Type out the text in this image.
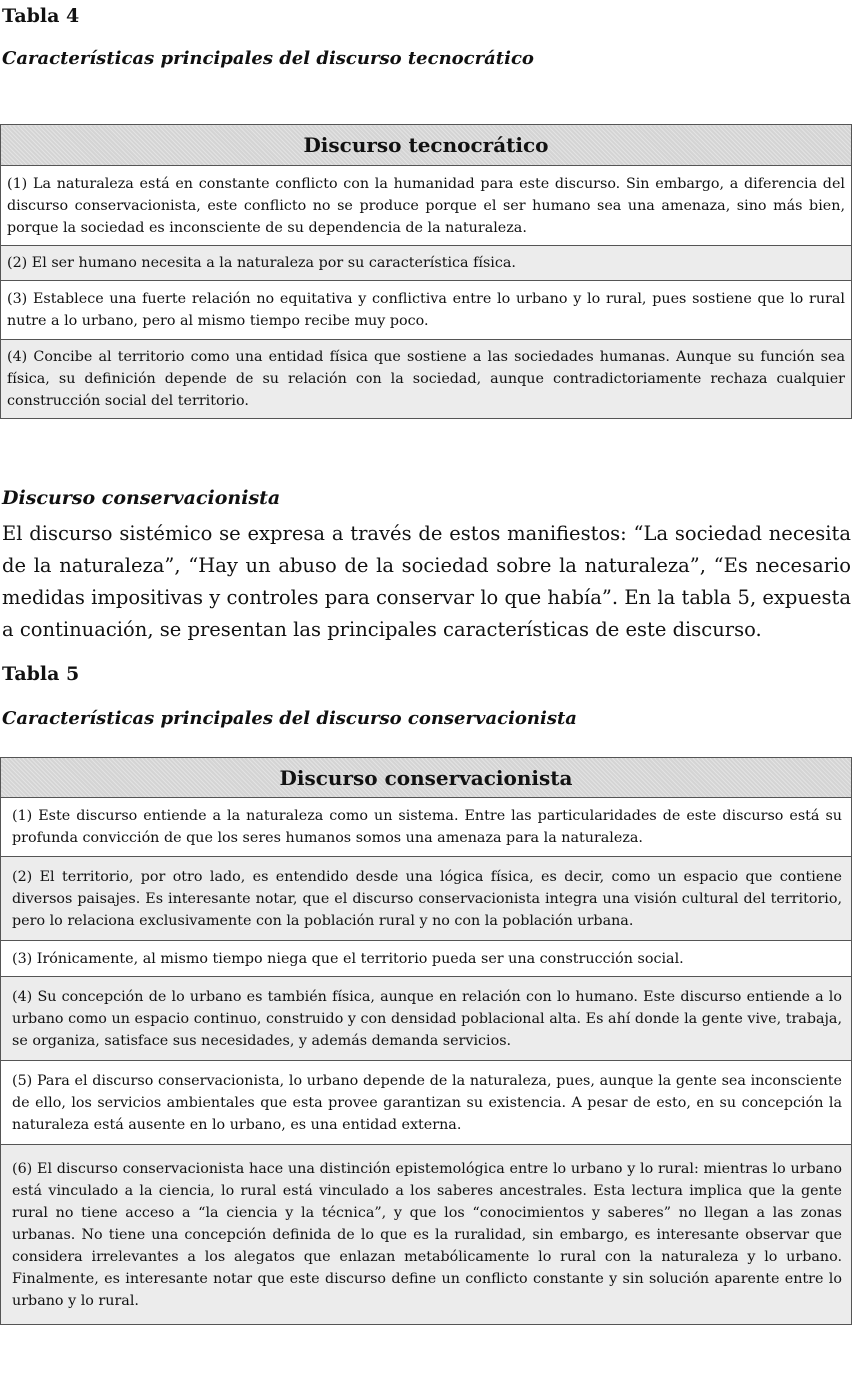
Tabla 4
Características principales del discurso tecnocrático
Discurso tecnocrático
(1) La naturaleza está en constante conflicto con la humanidad para este discurso. Sin embargo, a diferencia del discurso conservacionista, este conflicto no se produce porque el ser humano sea una amenaza, sino más bien, porque la sociedad es inconsciente de su dependencia de la naturaleza.
(2) El ser humano necesita a la naturaleza por su característica física.
(3) Establece una fuerte relación no equitativa y conflictiva entre lo urbano y lo rural, pues sostiene que lo rural nutre a lo urbano, pero al mismo tiempo recibe muy poco.
(4) Concibe al territorio como una entidad física que sostiene a las sociedades humanas. Aunque su función sea física, su definición depende de su relación con la sociedad, aunque contradictoriamente rechaza cualquier construcción social del territorio.
Discurso conservacionista
El discurso sistémico se expresa a través de estos manifiestos: “La sociedad necesita de la naturaleza”, “Hay un abuso de la sociedad sobre la naturaleza”, “Es necesario medidas impositivas y controles para conservar lo que había”. En la tabla 5, expuesta a continuación, se presentan las principales características de este discurso.
Tabla 5
Características principales del discurso conservacionista
Discurso conservacionista
(1) Este discurso entiende a la naturaleza como un sistema. Entre las particularidades de este discurso está su profunda convicción de que los seres humanos somos una amenaza para la naturaleza.
(2) El territorio, por otro lado, es entendido desde una lógica física, es decir, como un espacio que contiene diversos paisajes. Es interesante notar, que el discurso conservacionista integra una visión cultural del territorio, pero lo relaciona exclusivamente con la población rural y no con la población urbana.
(3) Irónicamente, al mismo tiempo niega que el territorio pueda ser una construcción social.
(4) Su concepción de lo urbano es también física, aunque en relación con lo humano. Este discurso entiende a lo urbano como un espacio continuo, construido y con densidad poblacional alta. Es ahí donde la gente vive, trabaja, se organiza, satisface sus necesidades, y además demanda servicios.
(5) Para el discurso conservacionista, lo urbano depende de la naturaleza, pues, aunque la gente sea inconsciente de ello, los servicios ambientales que esta provee garantizan su existencia. A pesar de esto, en su concepción la naturaleza está ausente en lo urbano, es una entidad externa.
(6) El discurso conservacionista hace una distinción epistemológica entre lo urbano y lo rural: mientras lo urbano está vinculado a la ciencia, lo rural está vinculado a los saberes ancestrales. Esta lectura implica que la gente rural no tiene acceso a “la ciencia y la técnica”, y que los “conocimientos y saberes” no llegan a las zonas urbanas. No tiene una concepción definida de lo que es la ruralidad, sin embargo, es interesante observar que considera irrelevantes a los alegatos que enlazan metabólicamente lo rural con la naturaleza y lo urbano. Finalmente, es interesante notar que este discurso define un conflicto constante y sin solución aparente entre lo urbano y lo rural.
